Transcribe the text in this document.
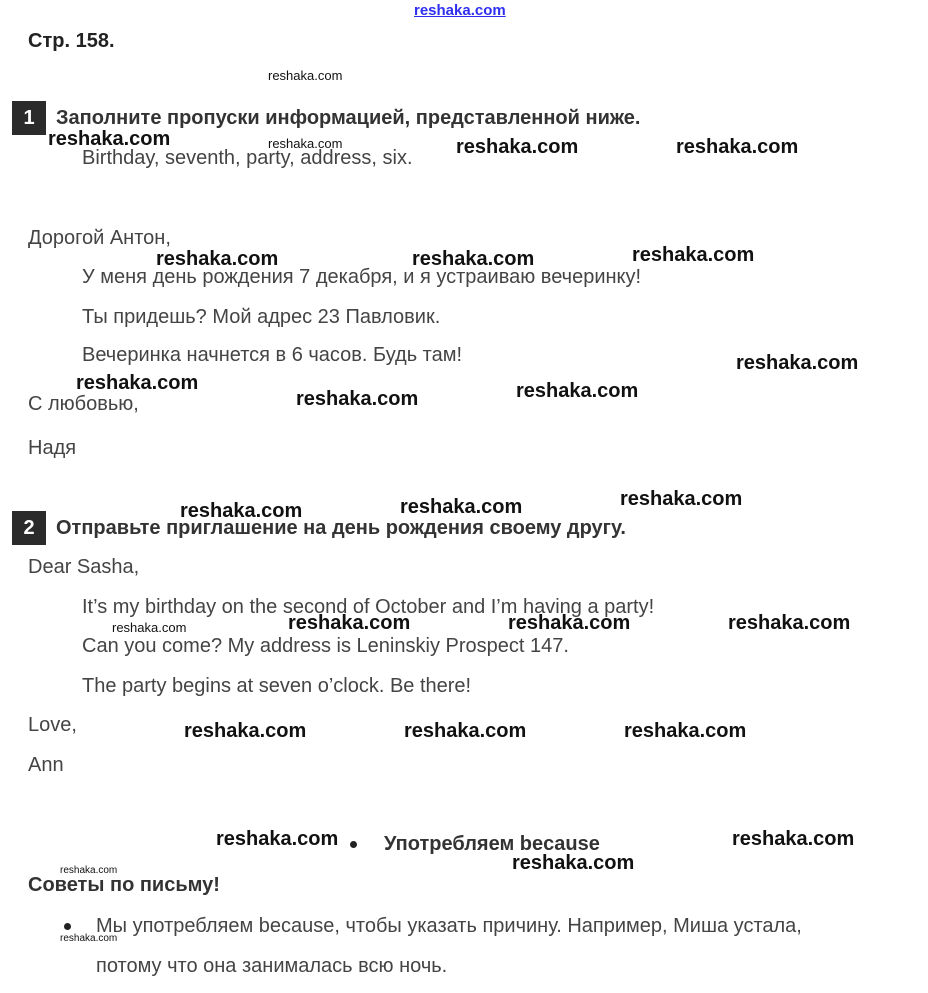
reshaka.com
Стр. 158.
reshaka.com
1	Заполните пропуски информацией, представленной ниже.
reshaka.com	reshaka.com
Birthday, seventh, party, address, six. reshaka.com	reshaka.com
Дорогой Антон,
reshaka.com	reshaka.com	reshaka.com
У меня день рождения 7 декабря, и я устраиваю вечеринку!
Ты придешь? Мой адрес 23 Павловик.
Вечеринка начнется в 6 часов. Будь там!	reshaka.com
reshaka.com	reshaka.com
С любовью,	reshaka.com
Надя
reshaka.com	reshaka.com	reshaka.com
2	Отправьте приглашение на день рождения своему другу.
Dear Sasha,
It’s my birthday on the second of October and I’m having a party!
reshaka.com	reshaka.com	reshaka.com	reshaka.com
Can you come? My address is Leninskiy Prospect 147.
The party begins at seven o’clock. Be there!
Love,	reshaka.com	reshaka.com	reshaka.com
Ann
reshaka.com Употребляем because	reshaka.com
reshaka.com
reshaka.com
Советы по письму!
reshaka.com
Мы употребляем because, чтобы указать причину. Например, Миша устала,
потому что она занималась всю ночь.
